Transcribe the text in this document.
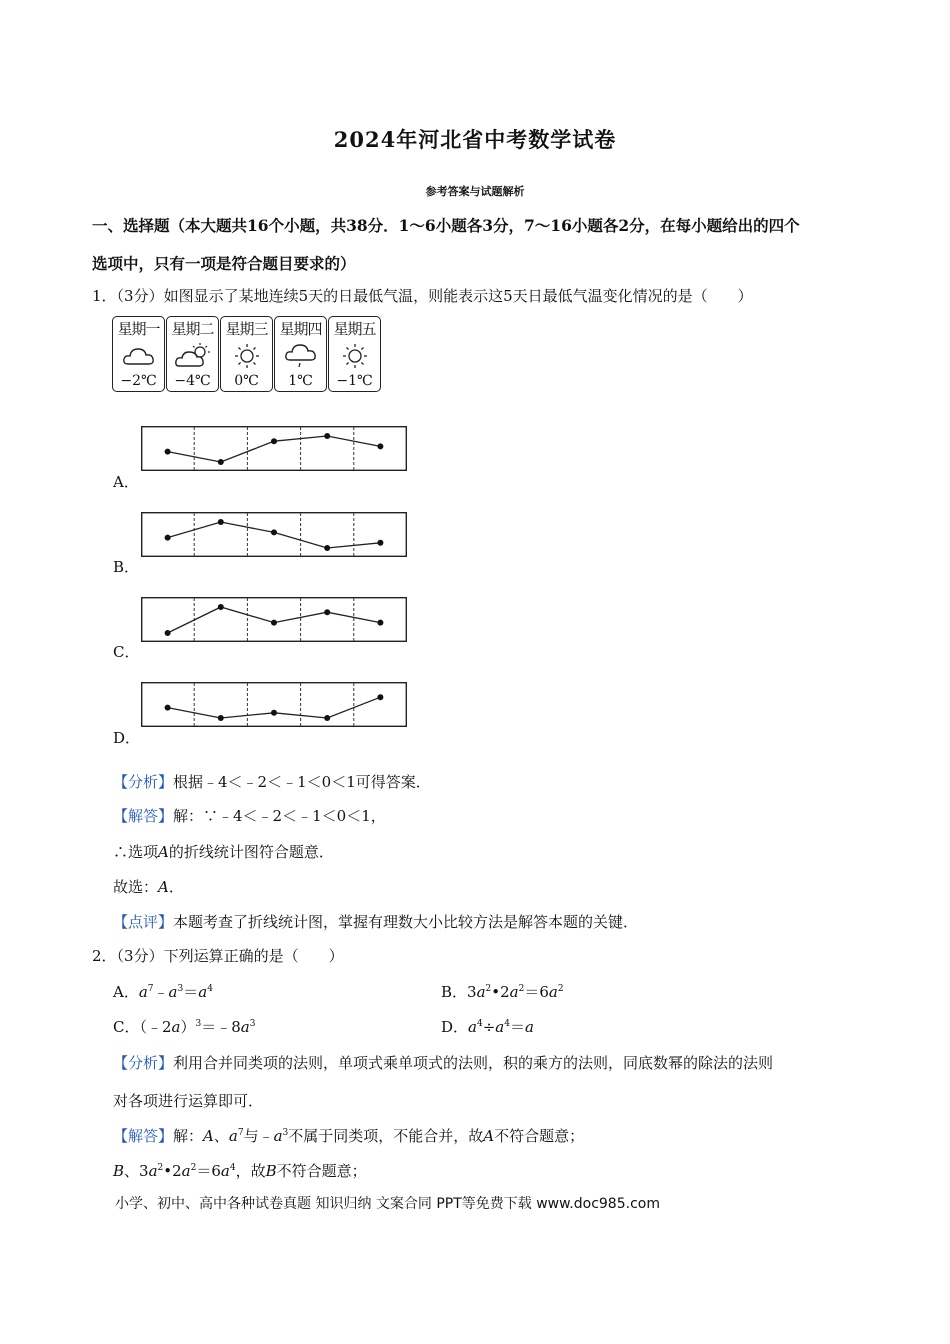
2024年河北省中考数学试卷
参考答案与试题解析
一、选择题（本大题共16个小题，共38分．1～6小题各3分，7～16小题各2分，在每小题给出的四个
选项中，只有一项是符合题目要求的）
1．（3分）如图显示了某地连续5天的日最低气温，则能表示这5天日最低气温变化情况的是（　　）
星期一
−2℃
星期二
−4℃
星期三
0℃
星期四
1℃
星期五
−1℃
A．
B．
C．
D．
【分析】根据﹣4＜﹣2＜﹣1＜0＜1可得答案．
【解答】解：∵﹣4＜﹣2＜﹣1＜0＜1，
∴选项A的折线统计图符合题意．
故选：A．
【点评】本题考查了折线统计图，掌握有理数大小比较方法是解答本题的关键．
2．（3分）下列运算正确的是（　　）
A．$a^7﹣a^3=a^4$	B．$3a^2•2a^2=6a^2$
C．$(﹣2a)^3=﹣8a^3$	D．$a^4\div a^4=a$
【分析】利用合并同类项的法则，单项式乘单项式的法则，积的乘方的法则，同底数幂的除法的法则
对各项进行运算即可．
【解答】解：A、$a^7$与$﹣a^3$不属于同类项，不能合并，故A不符合题意；
B、$3a^2•2a^2=6a^4$，故B不符合题意；
小学、初中、高中各种试卷真题 知识归纳 文案合同 PPT等免费下载 www.doc985.com
